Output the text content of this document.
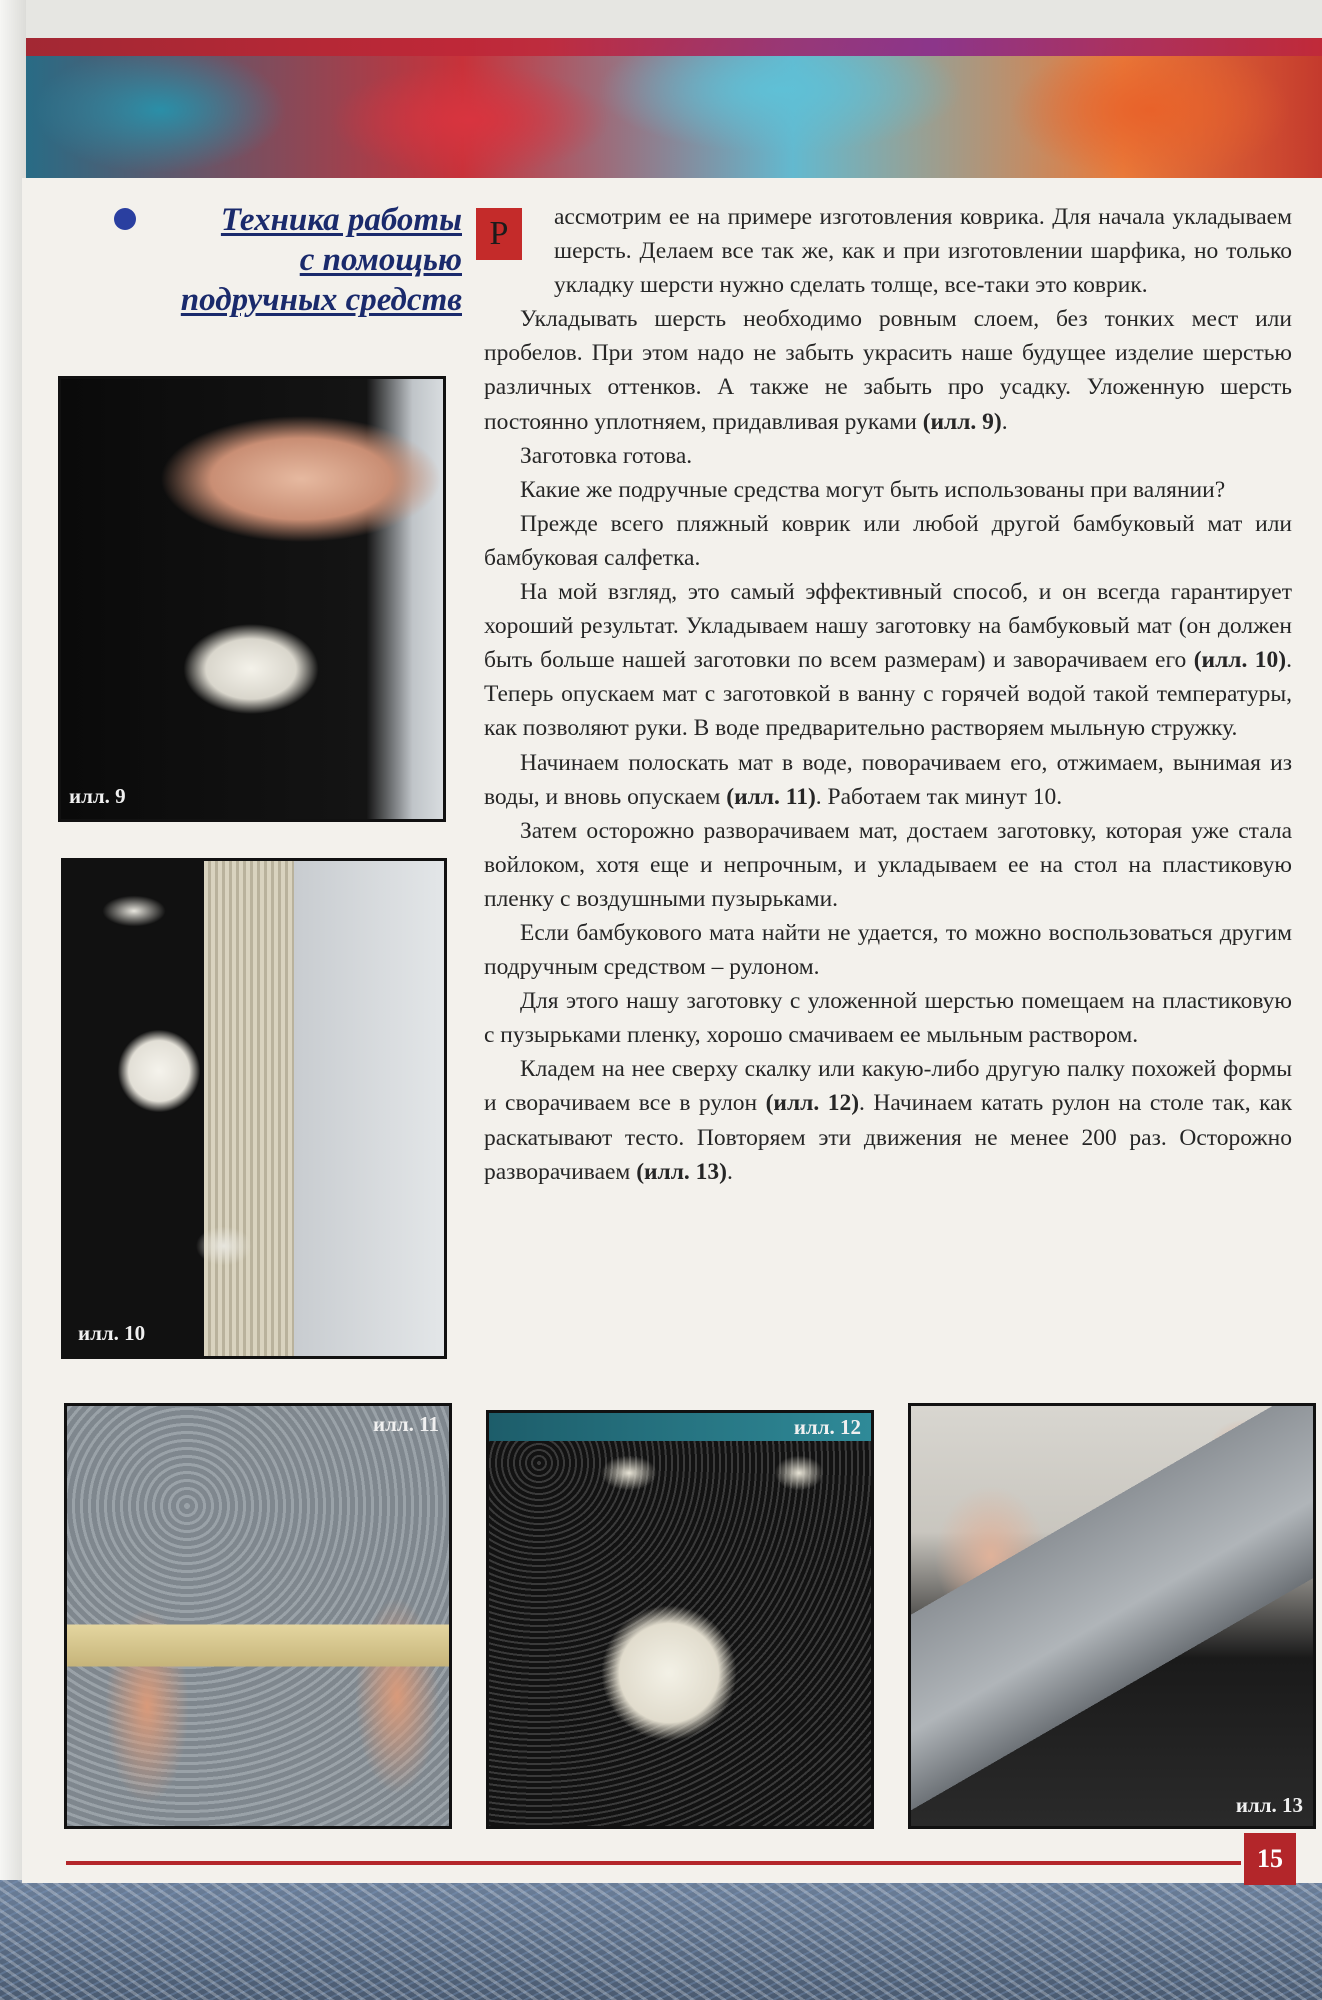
Техника работы
с помощью
подручных средств
Р	ассмотрим ее на примере изготовления коврика. Для начала укладываем шерсть. Делаем все так же, как и при изготовлении шарфика, но только укладку шерсти нужно сделать толще, все-таки это коврик.

Укладывать шерсть необходимо ровным слоем, без тонких мест или пробелов. При этом надо не забыть украсить наше будущее изделие шерстью различных оттенков. А также не забыть про усадку. Уложенную шерсть постоянно уплотняем, придавливая руками (илл. 9).

Заготовка готова.

Какие же подручные средства могут быть использованы при валянии?

Прежде всего пляжный коврик или любой другой бамбуковый мат или бамбуковая салфетка.

На мой взгляд, это самый эффективный способ, и он всегда гарантирует хороший результат. Укладываем нашу заготовку на бамбуковый мат (он должен быть больше нашей заготовки по всем размерам) и заворачиваем его (илл. 10). Теперь опускаем мат с заготовкой в ванну с горячей водой такой температуры, как позволяют руки. В воде предварительно растворяем мыльную стружку.

Начинаем полоскать мат в воде, поворачиваем его, отжимаем, вынимая из воды, и вновь опускаем (илл. 11). Работаем так минут 10.

Затем осторожно разворачиваем мат, достаем заготовку, которая уже стала войлоком, хотя еще и непрочным, и укладываем ее на стол на пластиковую пленку с воздушными пузырьками.

Если бамбукового мата найти не удается, то можно воспользоваться другим подручным средством – рулоном.

Для этого нашу заготовку с уложенной шерстью помещаем на пластиковую с пузырьками пленку, хорошо смачиваем ее мыльным раствором.

Кладем на нее сверху скалку или какую-либо другую палку похожей формы и сворачиваем все в рулон (илл. 12). Начинаем катать рулон на столе так, как раскатывают тесто. Повторяем эти движения не менее 200 раз. Осторожно разворачиваем (илл. 13).

илл. 9
илл. 10
илл. 11	илл. 12
илл. 13
15
